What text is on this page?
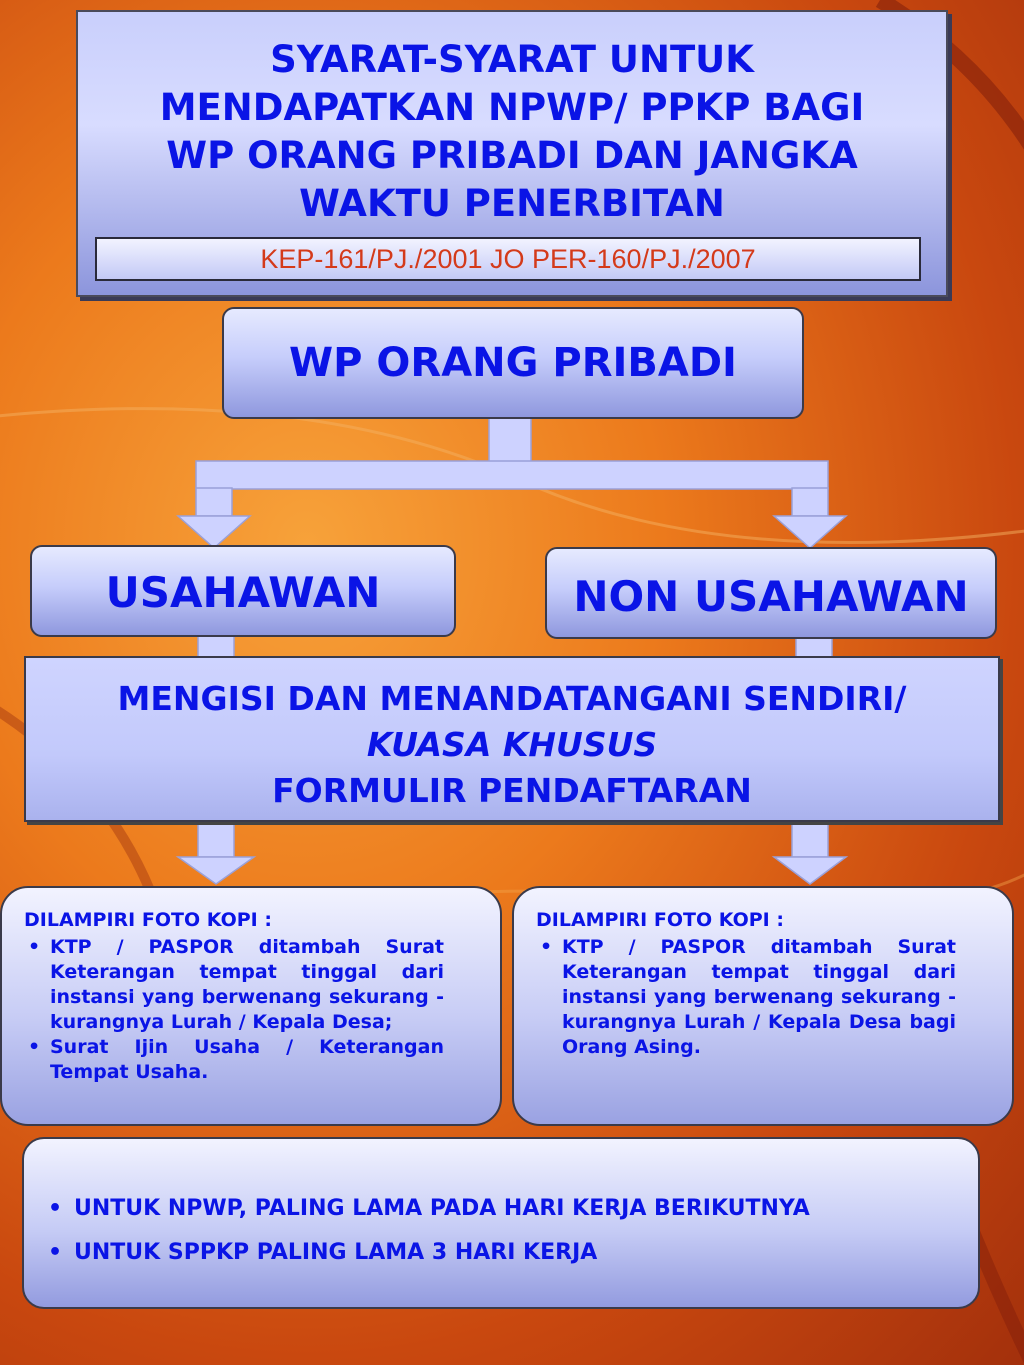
SYARAT-SYARAT UNTUK
MENDAPATKAN NPWP/ PPKP BAGI
WP ORANG PRIBADI DAN JANGKA
WAKTU PENERBITAN
KEP-161/PJ./2001 JO PER-160/PJ./2007
WP ORANG PRIBADI
USAHAWAN	NON USAHAWAN
MENGISI DAN MENANDATANGANI SENDIRI/
KUASA KHUSUS
FORMULIR PENDAFTARAN
DILAMPIRI FOTO KOPI :
• KTP / PASPOR ditambah Surat Keterangan tempat tinggal dari instansi yang berwenang sekurang - kurangnya Lurah / Kepala Desa;
• Surat Ijin Usaha / Keterangan Tempat Usaha.
DILAMPIRI FOTO KOPI :
• KTP / PASPOR ditambah Surat Keterangan tempat tinggal dari instansi yang berwenang sekurang - kurangnya Lurah / Kepala Desa bagi Orang Asing.
• UNTUK NPWP, PALING LAMA PADA HARI KERJA BERIKUTNYA
• UNTUK SPPKP PALING LAMA 3 HARI KERJA
